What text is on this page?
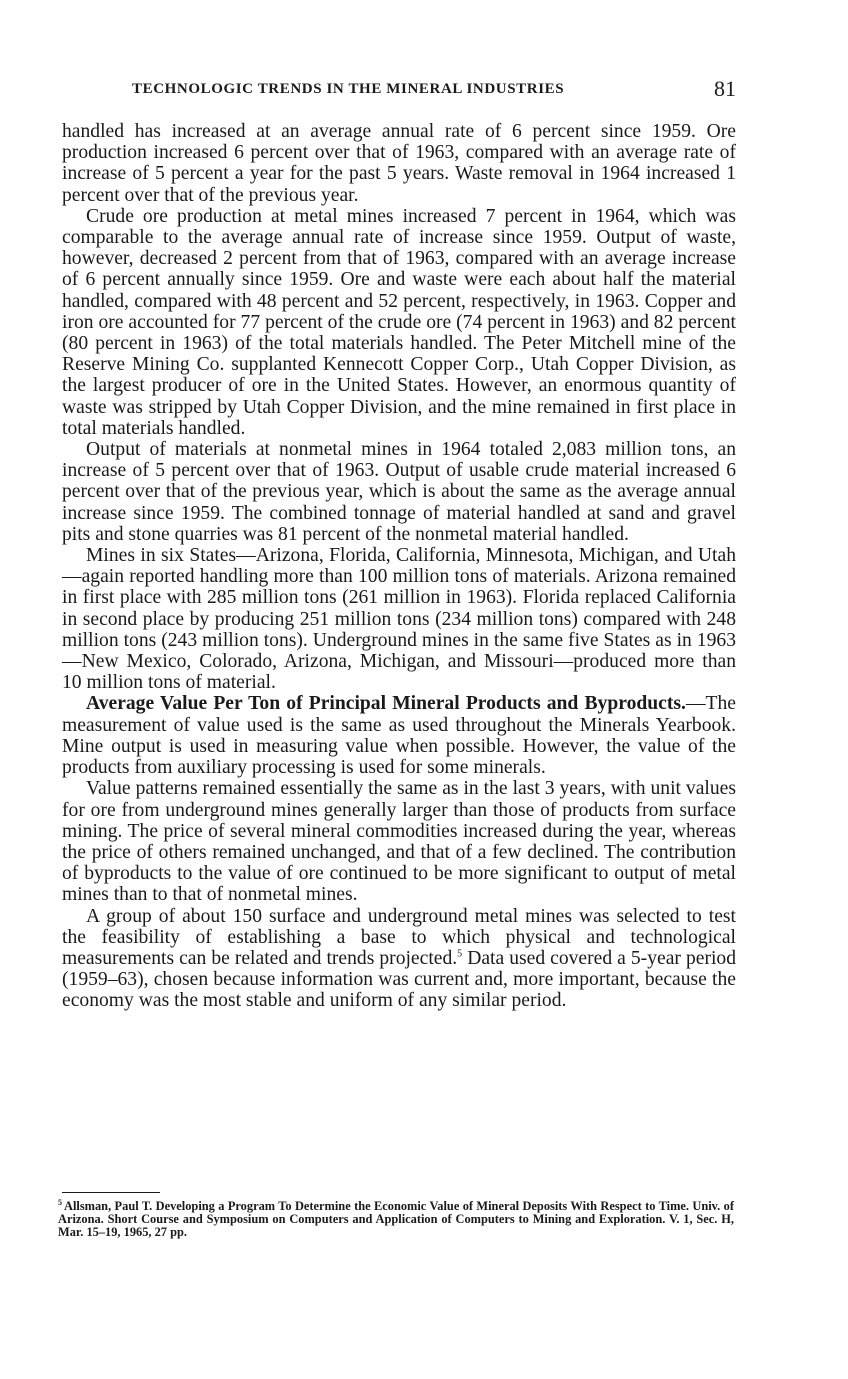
TECHNOLOGIC TRENDS IN THE MINERAL INDUSTRIES	81

handled has increased at an average annual rate of 6 percent since 1959. Ore production increased 6 percent over that of 1963, compared with an average rate of increase of 5 percent a year for the past 5 years. Waste removal in 1964 increased 1 percent over that of the previous year.

Crude ore production at metal mines increased 7 percent in 1964, which was comparable to the average annual rate of increase since 1959. Output of waste, however, decreased 2 percent from that of 1963, compared with an average increase of 6 percent annually since 1959. Ore and waste were each about half the material handled, compared with 48 percent and 52 percent, respectively, in 1963. Copper and iron ore accounted for 77 percent of the crude ore (74 percent in 1963) and 82 percent (80 percent in 1963) of the total materials handled. The Peter Mitchell mine of the Reserve Mining Co. supplanted Kennecott Copper Corp., Utah Copper Division, as the largest producer of ore in the United States. However, an enormous quantity of waste was stripped by Utah Copper Division, and the mine remained in first place in total materials handled.

Output of materials at nonmetal mines in 1964 totaled 2,083 million tons, an increase of 5 percent over that of 1963. Output of usable crude material increased 6 percent over that of the previous year, which is about the same as the average annual increase since 1959. The combined tonnage of material handled at sand and gravel pits and stone quarries was 81 percent of the nonmetal material handled.

Mines in six States—Arizona, Florida, California, Minnesota, Michigan, and Utah—again reported handling more than 100 million tons of materials. Arizona remained in first place with 285 million tons (261 million in 1963). Florida replaced California in second place by producing 251 million tons (234 million tons) compared with 248 million tons (243 million tons). Underground mines in the same five States as in 1963—New Mexico, Colorado, Arizona, Michigan, and Missouri—produced more than 10 million tons of material.

Average Value Per Ton of Principal Mineral Products and Byproducts.—The measurement of value used is the same as used throughout the Minerals Yearbook. Mine output is used in measuring value when possible. However, the value of the products from auxiliary processing is used for some minerals.

Value patterns remained essentially the same as in the last 3 years, with unit values for ore from underground mines generally larger than those of products from surface mining. The price of several mineral commodities increased during the year, whereas the price of others remained unchanged, and that of a few declined. The contribution of byproducts to the value of ore continued to be more significant to output of metal mines than to that of nonmetal mines.

A group of about 150 surface and underground metal mines was selected to test the feasibility of establishing a base to which physical and technological measurements can be related and trends projected.$^5$ Data used covered a 5-year period (1959–63), chosen because information was current and, more important, because the economy was the most stable and uniform of any similar period.

$^5$ Allsman, Paul T. Developing a Program To Determine the Economic Value of Mineral Deposits With Respect to Time. Univ. of Arizona. Short Course and Symposium on Computers and Application of Computers to Mining and Exploration. V. 1, Sec. H, Mar. 15–19, 1965, 27 pp.
